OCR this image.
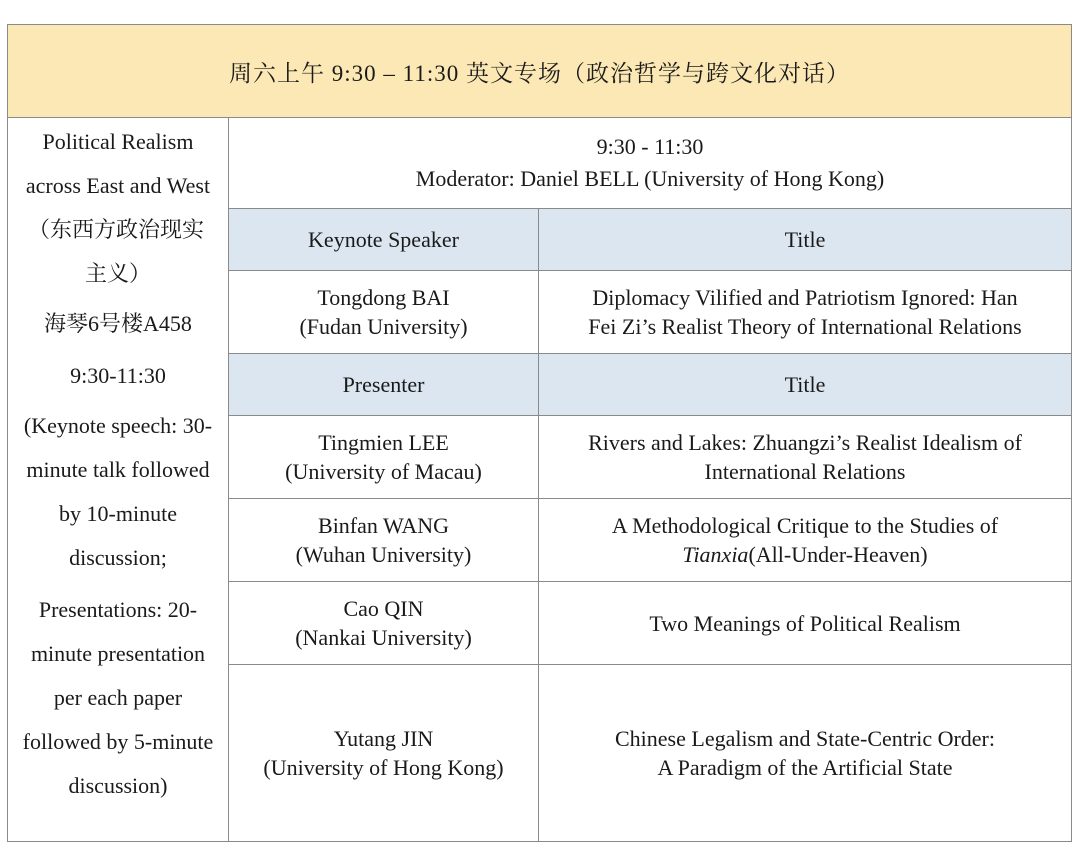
周六上午 9:30 – 11:30 英文专场（政治哲学与跨文化对话）
Political Realism
across East and West
（东西方政治现实
主义）
海琴6号楼A458
9:30-11:30
(Keynote speech: 30-
minute talk followed
by 10-minute
discussion;
Presentations: 20-
minute presentation
per each paper
followed by 5-minute
discussion)
9:30 - 11:30
Moderator: Daniel BELL (University of Hong Kong)
Keynote Speaker	Title
Tongdong BAI
(Fudan University)
Diplomacy Vilified and Patriotism Ignored: Han
Fei Zi’s Realist Theory of International Relations
Presenter	Title
Tingmien LEE
(University of Macau)
Rivers and Lakes: Zhuangzi’s Realist Idealism of
International Relations
Binfan WANG
(Wuhan University)
A Methodological Critique to the Studies of
Tianxia(All-Under-Heaven)
Cao QIN
(Nankai University)
Two Meanings of Political Realism
Yutang JIN
(University of Hong Kong)
Chinese Legalism and State-Centric Order:
A Paradigm of the Artificial State
